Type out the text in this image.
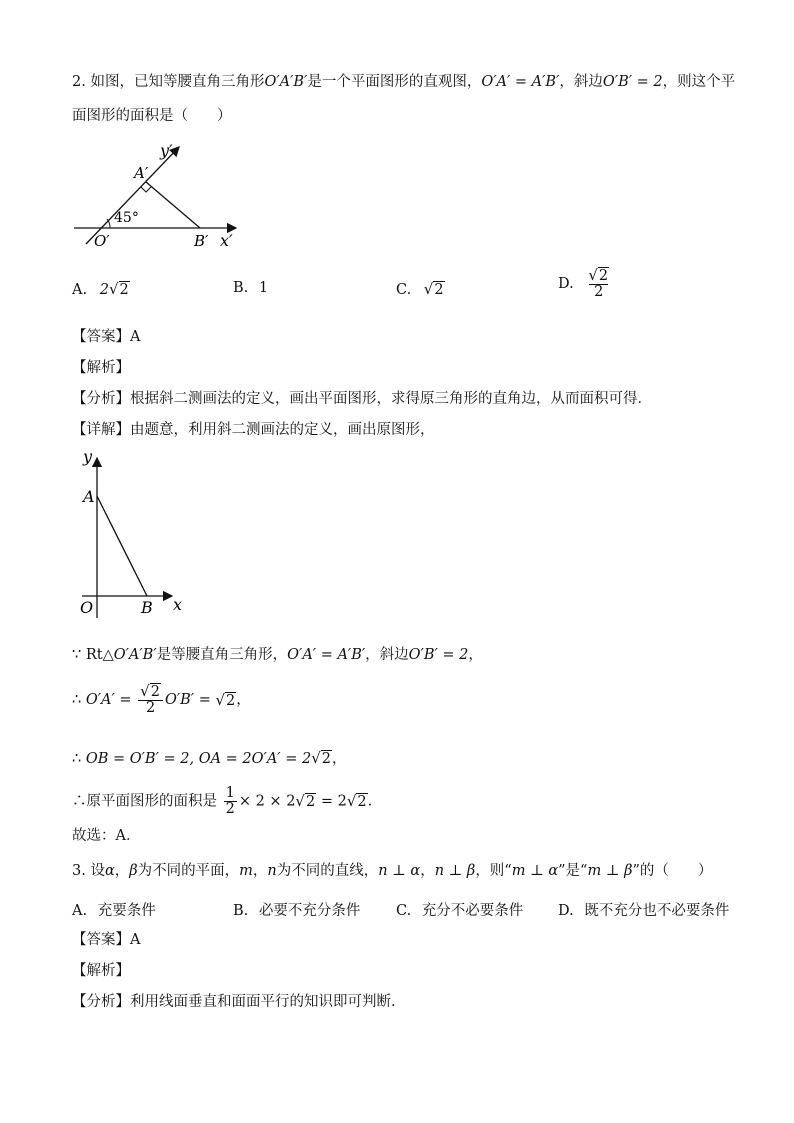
2. 如图，已知等腰直角三角形O′A′B′是一个平面图形的直观图，O′A′ = A′B′，斜边O′B′ = 2，则这个平
面图形的面积是（　　）
y′
A′
45°
O′	B′ x′
A. 2√2	B. 1	C. √2	D. $\frac{√2}{2}$
【答案】A
【解析】
【分析】根据斜二测画法的定义，画出平面图形，求得原三角形的直角边，从而面积可得．
【详解】由题意，利用斜二测画法的定义，画出原图形，
y
A
O	B x
∵ Rt△O′A′B′是等腰直角三角形，O′A′ = A′B′，斜边O′B′ = 2，
∴ $O'A' = \frac{√2}{2} O'B' = √2$，
∴ OB = O′B′ = 2, OA = 2O′A′ = 2√2，
∴原平面图形的面积是 $\frac{1}{2} \times 2 \times 2√2 = 2√2$.
故选：A．
3. 设α，β为不同的平面，m，n为不同的直线，n ⊥ α，n ⊥ β，则“m ⊥ α”是“m ⊥ β”的（　　）
A. 充要条件	B. 必要不充分条件 C. 充分不必要条件 D. 既不充分也不必要条件
【答案】A
【解析】
【分析】利用线面垂直和面面平行的知识即可判断.
